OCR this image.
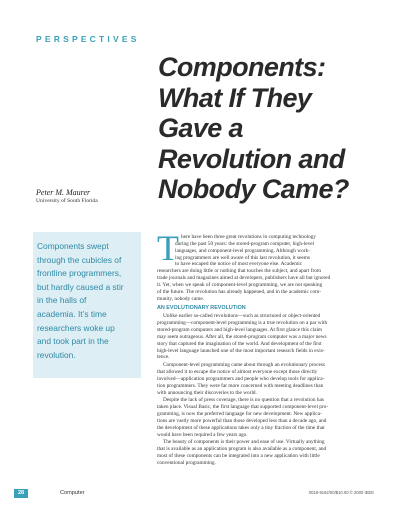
PERSPECTIVES
Components:
What If They
Gave a
Revolution and
Nobody Came?
Peter M. Maurer
University of South Florida
Components swept
through the cubicles of
frontline programmers,
but hardly caused a stir
in the halls of
academia. It’s time
researchers woke up
and took part in the
revolution.
T here have been three great revolutions in computing technology
during the past 50 years: the stored-program computer, high-level
languages, and component-level programming. Although work-
ing programmers are well aware of this last revolution, it seems
to have escaped the notice of most everyone else. Academic
researchers are doing little or nothing that touches the subject, and apart from
trade journals and magazines aimed at developers, publishers have all but ignored
it. Yet, when we speak of component-level programming, we are not speaking
of the future. The revolution has already happened, and in the academic com-
munity, nobody came.
AN EVOLUTIONARY REVOLUTION
Unlike earlier so-called revolutions—such as structured or object-oriented
programming—component-level programming is a true revolution on a par with
stored-program computers and high-level languages. At first glance this claim
may seem outrageous. After all, the stored-program computer was a major news
story that captured the imagination of the world. And development of the first
high-level language launched one of the most important research fields in exis-
tence.
Component-level programming came about through an evolutionary process
that allowed it to escape the notice of almost everyone except those directly
involved—application programmers and people who develop tools for applica-
tion programmers. They were far more concerned with meeting deadlines than
with announcing their discoveries to the world.
Despite the lack of press coverage, there is no question that a revolution has
taken place. Visual Basic, the first language that supported component-level pro-
gramming, is now the preferred language for new development. New applica-
tions are vastly more powerful than those developed less than a decade ago, and
the development of these applications takes only a tiny fraction of the time that
would have been required a few years ago.
The beauty of components is their power and ease of use. Virtually anything
that is available as an application program is also available as a component, and
most of these components can be integrated into a new application with little
conventional programming.
28	Computer	0018-9162/00/$10.00 © 2000 IEEE
